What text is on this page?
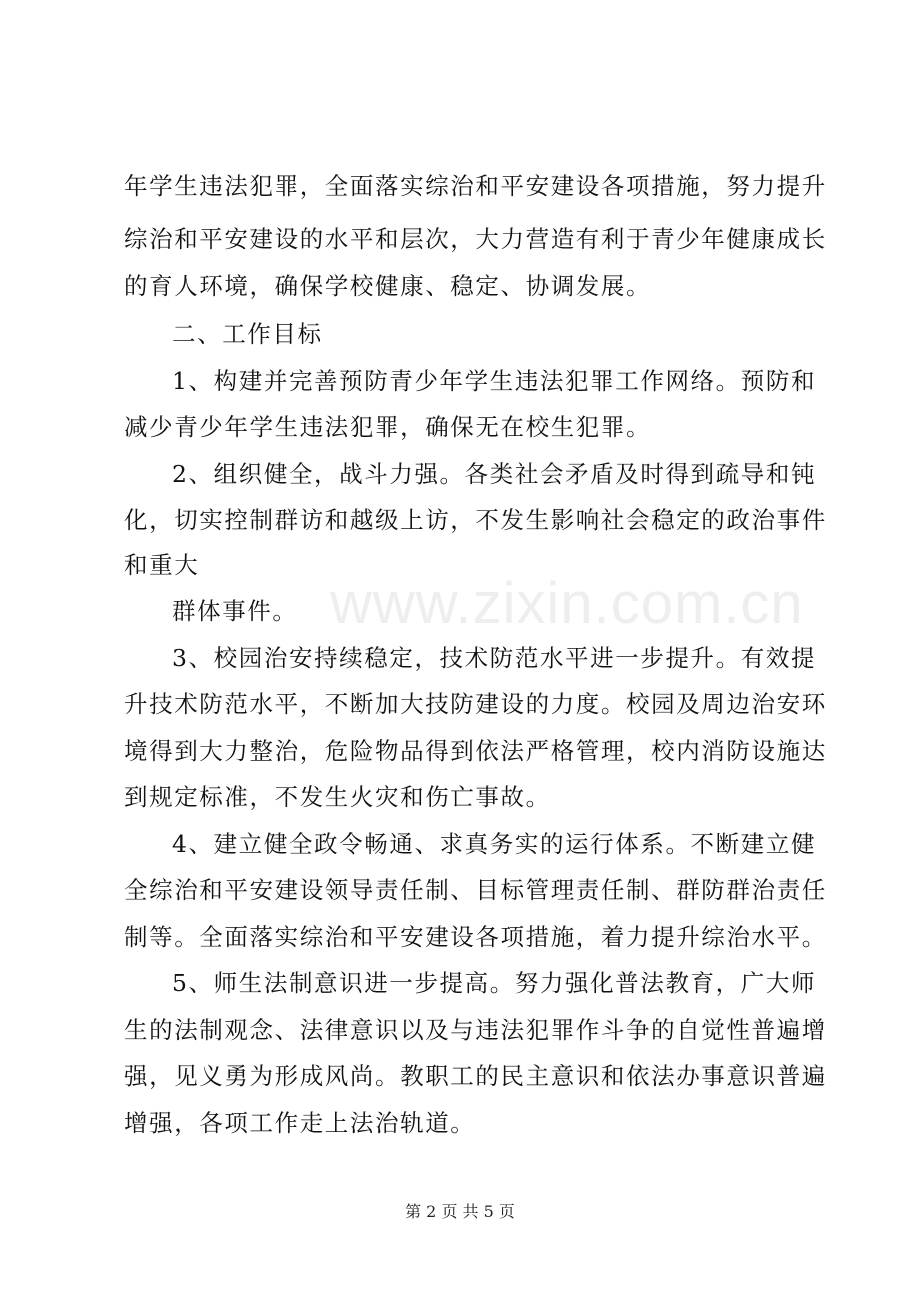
www.zixin.com.cn
年学生违法犯罪，全面落实综治和平安建设各项措施，努力提升
综治和平安建设的水平和层次，大力营造有利于青少年健康成长
的育人环境，确保学校健康、稳定、协调发展。
二、工作目标
1、构建并完善预防青少年学生违法犯罪工作网络。预防和
减少青少年学生违法犯罪，确保无在校生犯罪。
2、组织健全，战斗力强。各类社会矛盾及时得到疏导和钝
化，切实控制群访和越级上访，不发生影响社会稳定的政治事件
和重大
群体事件。
3、校园治安持续稳定，技术防范水平进一步提升。有效提
升技术防范水平，不断加大技防建设的力度。校园及周边治安环
境得到大力整治，危险物品得到依法严格管理，校内消防设施达
到规定标准，不发生火灾和伤亡事故。
4、建立健全政令畅通、求真务实的运行体系。不断建立健
全综治和平安建设领导责任制、目标管理责任制、群防群治责任
制等。全面落实综治和平安建设各项措施，着力提升综治水平。
5、师生法制意识进一步提高。努力强化普法教育，广大师
生的法制观念、法律意识以及与违法犯罪作斗争的自觉性普遍增
强，见义勇为形成风尚。教职工的民主意识和依法办事意识普遍
增强，各项工作走上法治轨道。
第 2 页 共 5 页
